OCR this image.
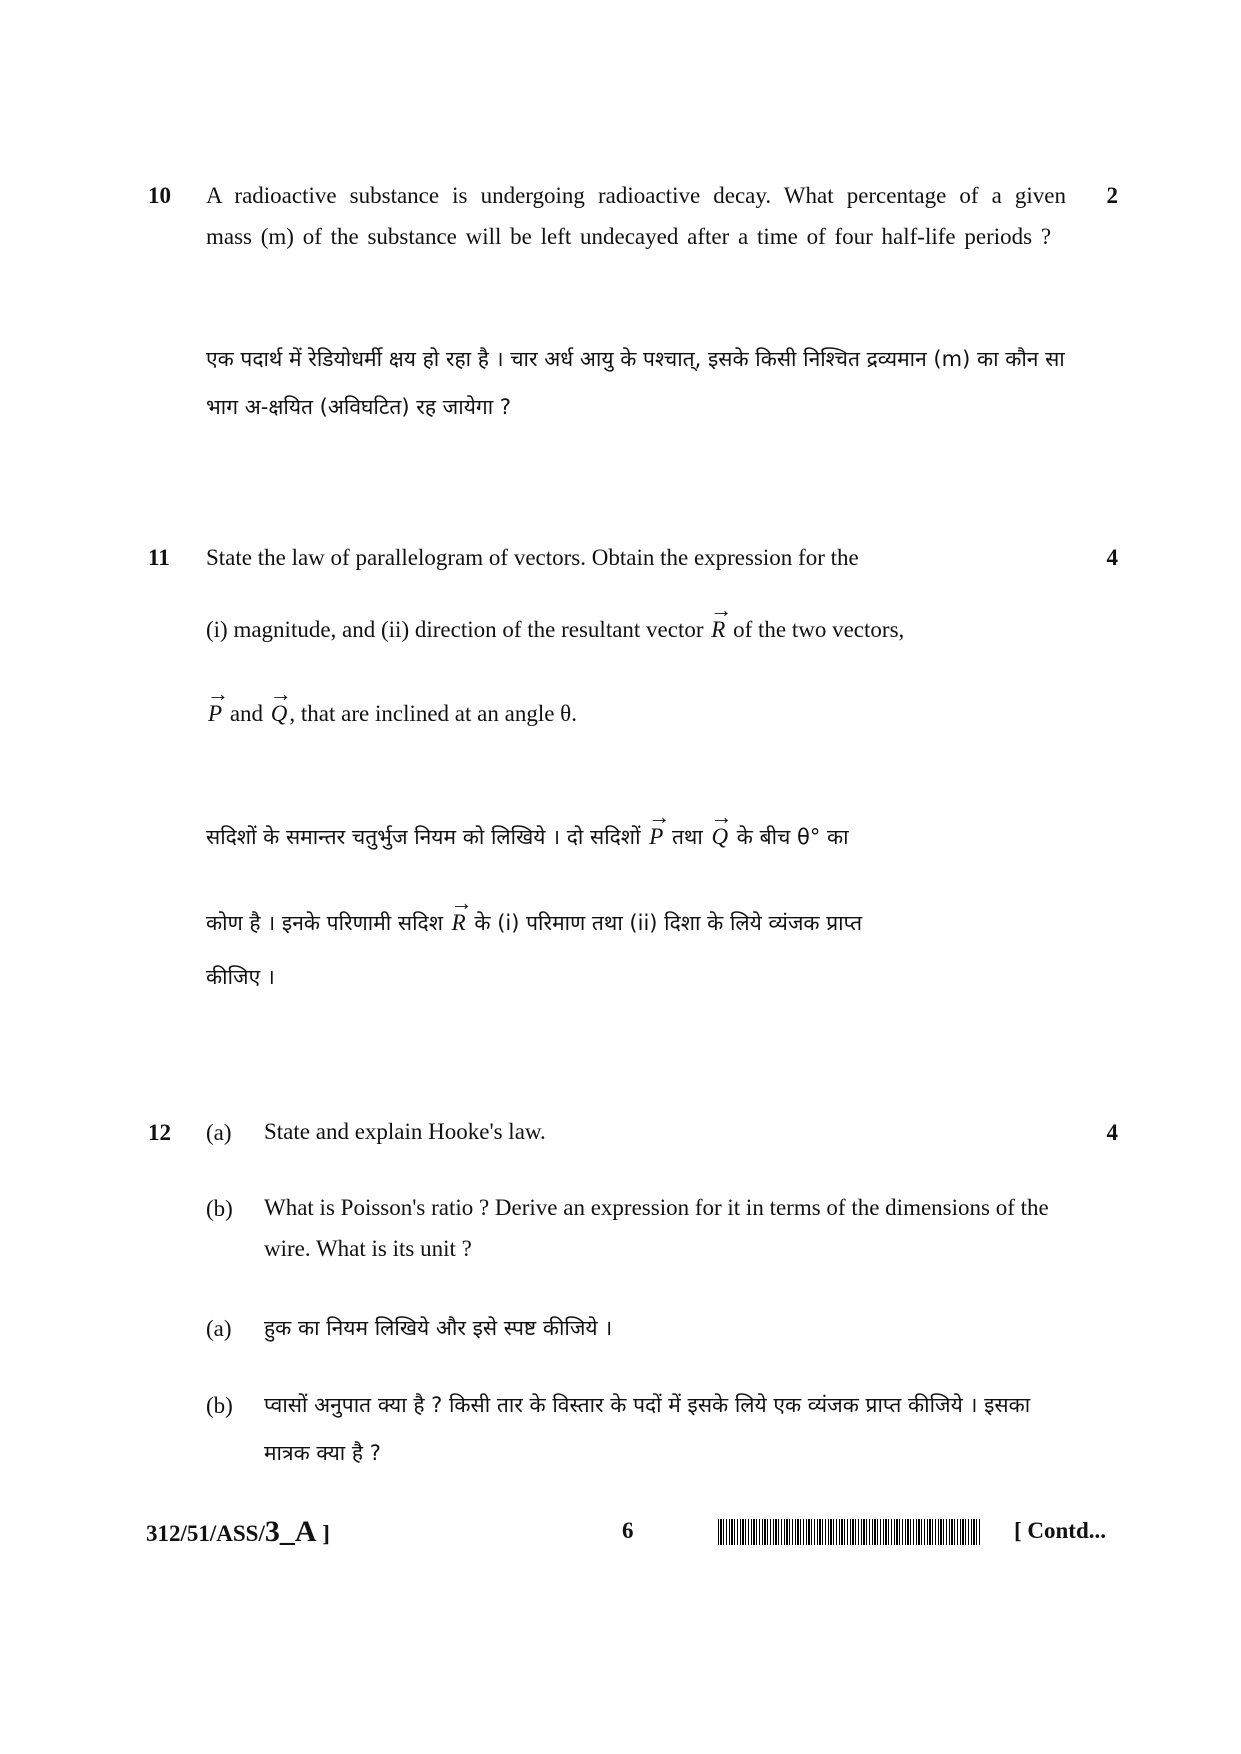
10	2
A radioactive substance is undergoing radioactive decay. What percentage of a given mass (m) of the substance will be left undecayed after a time of four half-life periods ?
एक पदार्थ में रेडियोधर्मी क्षय हो रहा है । चार अर्ध आयु के पश्चात्, इसके किसी निश्चित द्रव्यमान (m) का कौन सा भाग अ-क्षयित (अविघटित) रह जायेगा ?
11	4
State the law of parallelogram of vectors. Obtain the expression for the
(i) magnitude, and (ii) direction of the resultant vector → R of the two vectors,
→ P and → Q, that are inclined at an angle θ.
सदिशों के समान्तर चतुर्भुज नियम को लिखिये । दो सदिशों → P तथा → Q के बीच θ° का
कोण है । इनके परिणामी सदिश → R के (i) परिमाण तथा (ii) दिशा के लिये व्यंजक प्राप्त
कीजिए ।
12	4
(a) State and explain Hooke's law.
(b) What is Poisson's ratio ? Derive an expression for it in terms of the dimensions of the wire. What is its unit ?
(a) हुक का नियम लिखिये और इसे स्पष्ट कीजिये ।
(b) प्वासों अनुपात क्या है ? किसी तार के विस्तार के पदों में इसके लिये एक व्यंजक प्राप्त कीजिये । इसका मात्रक क्या है ?
312/51/ASS/3_A ]	6	[ Contd...
